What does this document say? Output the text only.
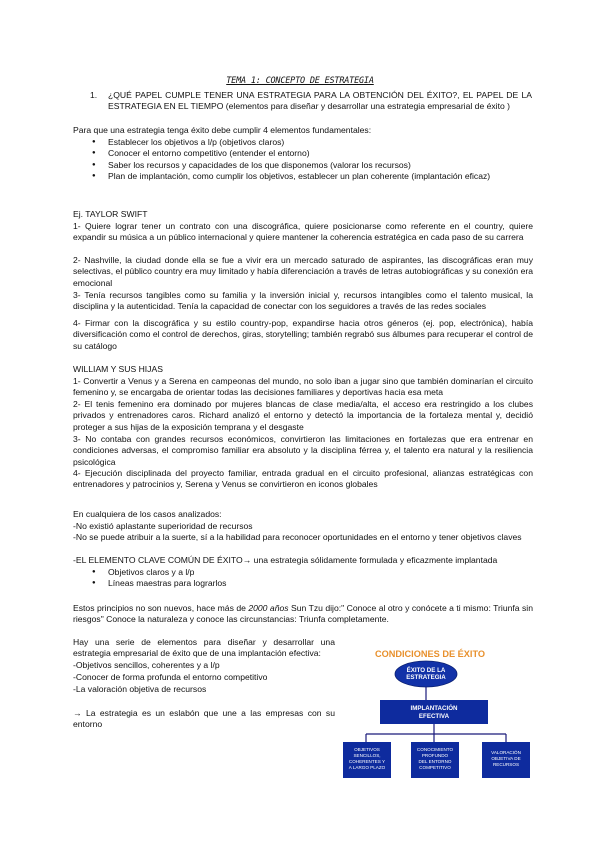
TEMA 1: CONCEPTO DE ESTRATEGIA
1. ¿QUÉ PAPEL CUMPLE TENER UNA ESTRATEGIA PARA LA OBTENCIÓN DEL ÉXITO?, EL PAPEL DE LA ESTRATEGIA EN EL TIEMPO (elementos para diseñar y desarrollar una estrategia empresarial de éxito )
Para que una estrategia tenga éxito debe cumplir 4 elementos fundamentales:
● Establecer los objetivos a l/p (objetivos claros)
● Conocer el entorno competitivo (entender el entorno)
● Saber los recursos y capacidades de los que disponemos (valorar los recursos)
● Plan de implantación, como cumplir los objetivos, establecer un plan coherente (implantación eficaz)
Ej. TAYLOR SWIFT
1- Quiere lograr tener un contrato con una discográfica, quiere posicionarse como referente en el country, quiere expandir su música a un público internacional y quiere mantener la coherencia estratégica en cada paso de su carrera
2- Nashville, la ciudad donde ella se fue a vivir era un mercado saturado de aspirantes, las discográficas eran muy selectivas, el público country era muy limitado y había diferenciación a través de letras autobiográficas y su conexión era emocional
3- Tenía recursos tangibles como su familia y la inversión inicial y, recursos intangibles como el talento musical, la disciplina y la autenticidad. Tenía la capacidad de conectar con los seguidores a través de las redes sociales
4- Firmar con la discográfica y su estilo country-pop, expandirse hacia otros géneros (ej. pop, electrónica), había diversificación como el control de derechos, giras, storytelling; también regrabó sus álbumes para recuperar el control de su catálogo
WILLIAM Y SUS HIJAS
1- Convertir a Venus y a Serena en campeonas del mundo, no solo iban a jugar sino que también dominarían el circuito femenino y, se encargaba de orientar todas las decisiones familiares y deportivas hacia esa meta
2- El tenis femenino era dominado por mujeres blancas de clase media/alta, el acceso era restringido a los clubes privados y entrenadores caros. Richard analizó el entorno y detectó la importancia de la fortaleza mental y, decidió proteger a sus hijas de la exposición temprana y el desgaste
3- No contaba con grandes recursos económicos, convirtieron las limitaciones en fortalezas que era entrenar en condiciones adversas, el compromiso familiar era absoluto y la disciplina férrea y, el talento era natural y la resiliencia psicológica
4- Ejecución disciplinada del proyecto familiar, entrada gradual en el circuito profesional, alianzas estratégicas con entrenadores y patrocinios y, Serena y Venus se convirtieron en iconos globales
En cualquiera de los casos analizados:
-No existió aplastante superioridad de recursos
-No se puede atribuir a la suerte, sí a la habilidad para reconocer oportunidades en el entorno y tener objetivos claves
-EL ELEMENTO CLAVE COMÚN DE ÉXITO→ una estrategia sólidamente formulada y eficazmente implantada
● Objetivos claros y a l/p
● Líneas maestras para lograrlos
Estos principios no son nuevos, hace más de 2000 años Sun Tzu dijo:" Conoce al otro y conócete a ti mismo: Triunfa sin riesgos" Conoce la naturaleza y conoce las circunstancias: Triunfa completamente.
Hay una serie de elementos para diseñar y desarrollar una estrategia empresarial de éxito que de una implantación efectiva:
-Objetivos sencillos, coherentes y a l/p
-Conocer de forma profunda el entorno competitivo
-La valoración objetiva de recursos
→ La estrategia es un eslabón que une a las empresas con su entorno
CONDICIONES DE ÉXITO
ÉXITO DE LA
ESTRATEGIA
IMPLANTACIÓN
EFECTIVA
OBJETIVOS
SENCILLOS,
COHERENTES Y
A LARGO PLAZO
CONOCIMIENTO
PROFUNDO
DEL ENTORNO
COMPETITIVO
VALORACIÓN
OBJETIVA DE
RECURSOS
